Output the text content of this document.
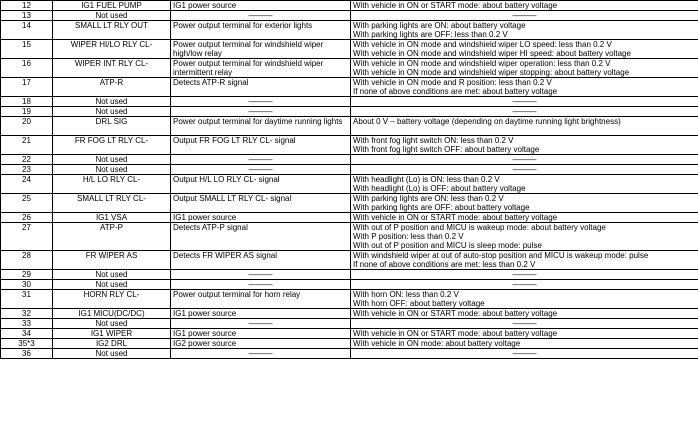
12	IG1 FUEL PUMP	IG1 power source	With vehicle in ON or START mode: about battery voltage

13	Not used	———	———

14	SMALL LT RLY OUT	Power output terminal for exterior lights	With parking lights are ON: about battery voltage
With parking lights are OFF: less than 0.2 V

15	WIPER HI/LO RLY CL-	Power output terminal for windshield wiper high/low relay	With vehicle in ON mode and windshield wiper LO speed: less than 0.2 V
With vehicle in ON mode and windshield wiper HI speed: about battery voltage

16	WIPER INT RLY CL-	Power output terminal for windshield wiper intermittent relay	With vehicle in ON mode and windshield wiper operation: less than 0.2 V
With vehicle in ON mode and windshield wiper stopping: about battery voltage

17	ATP-R	Detects ATP-R signal	With vehicle in ON mode and R position: less than 0.2 V
If none of above conditions are met: about battery voltage

18	Not used	———	———

19	Not used	———	———

20	DRL SIG	Power output terminal for daytime running lights	About 0 V – battery voltage (depending on daytime running light brightness)

21	FR FOG LT RLY CL-	Output FR FOG LT RLY CL- signal	With front fog light switch ON: less than 0.2 V
With front fog light switch OFF: about battery voltage

22	Not used	———	———

23	Not used	———	———

24	H/L LO RLY CL-	Output H/L LO RLY CL- signal	With headlight (Lo) is ON: less than 0.2 V
With headlight (Lo) is OFF: about battery voltage

25	SMALL LT RLY CL-	Output SMALL LT RLY CL- signal	With parking lights are ON: less than 0.2 V
With parking lights are OFF: about battery voltage

26	IG1 VSA	IG1 power source	With vehicle in ON or START mode: about battery voltage

27	ATP-P	Detects ATP-P signal	With out of P position and MICU is wakeup mode: about battery voltage
With P position: less than 0.2 V
With out of P position and MICU is sleep mode: pulse

28	FR WIPER AS	Detects FR WIPER AS signal	With windshield wiper at out of auto-stop position and MICU is wakeup mode: pulse
If none of above conditions are met: less than 0.2 V

29	Not used	———	———

30	Not used	———	———

31	HORN RLY CL-	Power output terminal for horn relay	With horn ON: less than 0.2 V
With horn OFF: about battery voltage

32	IG1 MICU(DC/DC)	IG1 power source	With vehicle in ON or START mode: about battery voltage

33	Not used	———	———

34	IG1 WIPER	IG1 power source	With vehicle in ON or START mode: about battery voltage

35*3	IG2 DRL	IG2 power source	With vehicle in ON mode: about battery voltage

36	Not used	———	———
